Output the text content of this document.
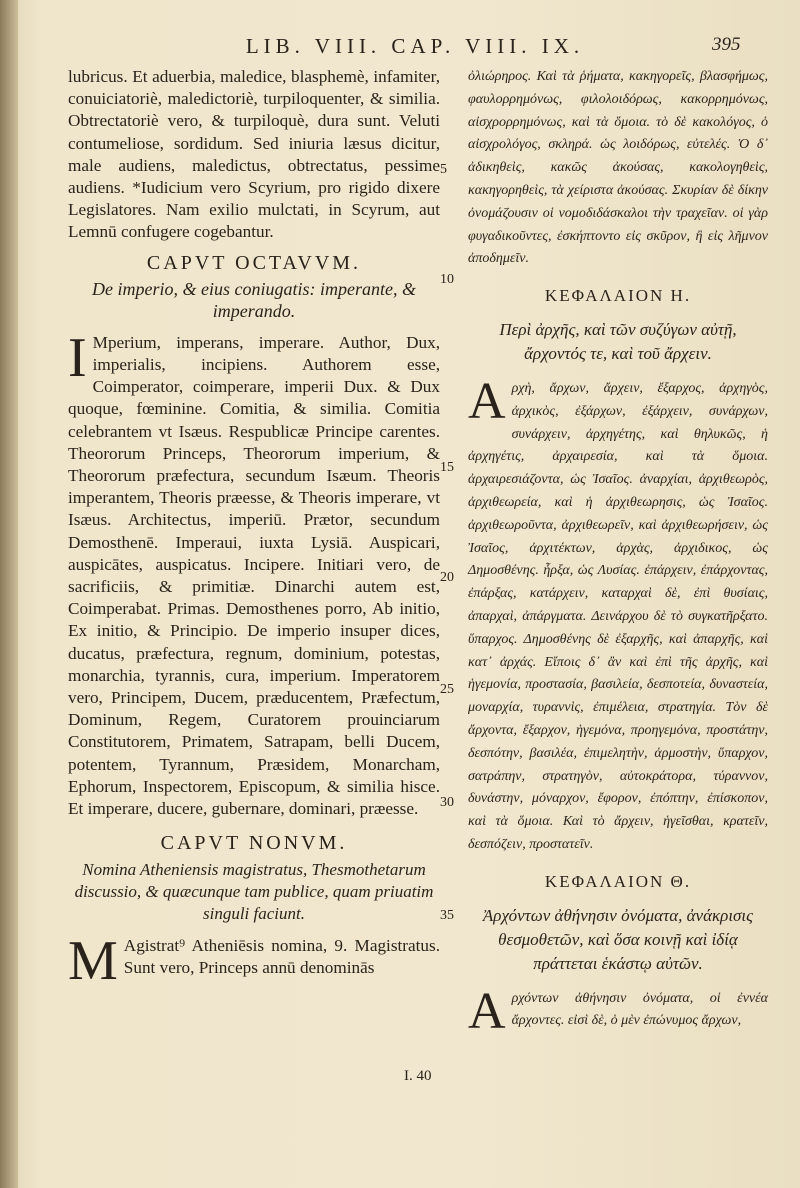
LIB. VIII. CAP. VIII. IX.	395

lubricus. Et aduerbia, maledice, blasphemè, infamiter, conuiciatoriè, maledictoriè, turpiloquenter, & similia. Obtrectatoriè vero, & turpiloquè, dura sunt. Veluti contumeliose, sordidum. Sed iniuria læsus dicitur, male audiens, maledictus, obtrectatus, pessime audiens. *Iudicium vero Scyrium, pro rigido dixere Legislatores. Nam exilio mulctati, in Scyrum, aut Lemnū confugere cogebantur.

CAPVT OCTAVVM.
De imperio, & eius coniugatis: imperante, & imperando.

I Mperium, imperans, imperare. Author, Dux, imperialis, incipiens. Authorem esse, Coimperator, coimperare, imperii Dux. & Dux quoque, fœminine. Comitia, & similia. Comitia celebrantem vt Isæus. Respublicæ Principe carentes. Theororum Princeps, Theororum imperium, & Theororum præfectura, secundum Isæum. Theoris imperantem, Theoris præesse, & Theoris imperare, vt Isæus. Architectus, imperiū. Prætor, secundum Demosthenē. Imperaui, iuxta Lysiā. Auspicari, auspicātes, auspicatus. Incipere. Initiari vero, de sacrificiis, & primitiæ. Dinarchi autem est, Coimperabat. Primas. Demosthenes porro, Ab initio, Ex initio, & Principio. De imperio insuper dices, ducatus, præfectura, regnum, dominium, potestas, monarchia, tyrannis, cura, imperium. Imperatorem vero, Principem, Ducem, præducentem, Præfectum, Dominum, Regem, Curatorem prouinciarum Constitutorem, Primatem, Satrapam, belli Ducem, potentem, Tyrannum, Præsidem, Monarcham, Ephorum, Inspectorem, Episcopum, & similia hisce. Et imperare, ducere, gubernare, dominari, præesse.

CAPVT NONVM.
Nomina Atheniensis magistratus, Thesmothetarum discussio, & quæcunque tam publice, quam priuatim singuli faciunt.

M Agistrat⁹ Atheniēsis nomina, 9. Magistratus. Sunt vero, Princeps annū denominās

I. 40
5
10
15
20
25
30
35

ὀλιώρηρος. Καὶ τὰ ῥήματα, κακηγορεῖς, βλασφήμως, φαυλορρημόνως, φιλολοιδόρως, κακορρημόνως, αἰσχρορρημόνως, καὶ τὰ ὅμοια. τὸ δὲ κακολόγος, ὁ αἰσχρολόγος, σκληρά. ὡς λοιδόρως, εὐτελές. Ὁ δ᾽ ἀδικηθεὶς, κακῶς ἀκούσας, κακολογηθεὶς, κακηγορηθεὶς, τὰ χείριστα ἀκούσας. Σκυρίαν δὲ δίκην ὀνομάζουσιν οἱ νομοδιδάσκαλοι τὴν τραχεῖαν. οἱ γὰρ φυγαδικοῦντες, ἐσκήπτοντο εἰς σκῦρον, ἢ εἰς λῆμνον ἀποδημεῖν.

ΚΕΦΑΛΑΙΟΝ Η.
Περὶ ἀρχῆς, καὶ τῶν συζύγων αὐτῇ, ἄρχοντός τε, καὶ τοῦ ἄρχειν.

Α ρχὴ, ἄρχων, ἄρχειν, ἔξαρχος, ἀρχηγὸς, ἀρχικὸς, ἐξάρχων, ἐξάρχειν, συνάρχων, συνάρχειν, ἀρχηγέτης, καὶ θηλυκῶς, ἡ ἀρχηγέτις, ἀρχαιρεσία, καὶ τὰ ὅμοια. ἀρχαιρεσιάζοντα, ὡς Ἰσαῖος. ἀναρχίαι, ἀρχιθεωρὸς, ἀρχιθεωρεία, καὶ ἡ ἀρχιθεωρησις, ὡς Ἰσαῖος. ἀρχιθεωροῦντα, ἀρχιθεωρεῖν, καὶ ἀρχιθεωρήσειν, ὡς Ἰσαῖος, ἀρχιτέκτων, ἀρχὰς, ἀρχιδικος, ὡς Δημοσθένης. ἦρξα, ὡς Λυσίας. ἐπάρχειν, ἐπάρχοντας, ἐπάρξας, κατάρχειν, καταρχαὶ δὲ, ἐπὶ θυσίαις, ἀπαρχαὶ, ἀπάργματα. Δεινάρχου δὲ τὸ συγκατῆρξατο. ὕπαρχος. Δημοσθένης δὲ ἐξαρχῆς, καὶ ἀπαρχῆς, καὶ κατ᾽ ἀρχάς. Εἴποις δ᾽ ἂν καὶ ἐπὶ τῆς ἀρχῆς, καὶ ἡγεμονία, προστασία, βασιλεία, δεσποτεία, δυναστεία, μοναρχία, τυραννὶς, ἐπιμέλεια, στρατηγία. Τὸν δὲ ἄρχοντα, ἔξαρχον, ἡγεμόνα, προηγεμόνα, προστάτην, δεσπότην, βασιλέα, ἐπιμελητὴν, ἁρμοστὴν, ὕπαρχον, σατράπην, στρατηγὸν, αὐτοκράτορα, τύραννον, δυνάστην, μόναρχον, ἔφορον, ἐπόπτην, ἐπίσκοπον, καὶ τὰ ὅμοια. Καὶ τὸ ἄρχειν, ἡγεῖσθαι, κρατεῖν, δεσπόζειν, προστατεῖν.

ΚΕΦΑΛΑΙΟΝ Θ.
Ἀρχόντων ἀθήνησιν ὀνόματα, ἀνάκρισις θεσμοθετῶν, καὶ ὅσα κοινῇ καὶ ἰδίᾳ πράττεται ἑκάστῳ αὐτῶν.

Α ρχόντων ἀθήνησιν ὀνόματα, οἱ ἐννέα ἄρχοντες. εἰσὶ δὲ, ὁ μὲν ἐπώνυμος ἄρχων,
